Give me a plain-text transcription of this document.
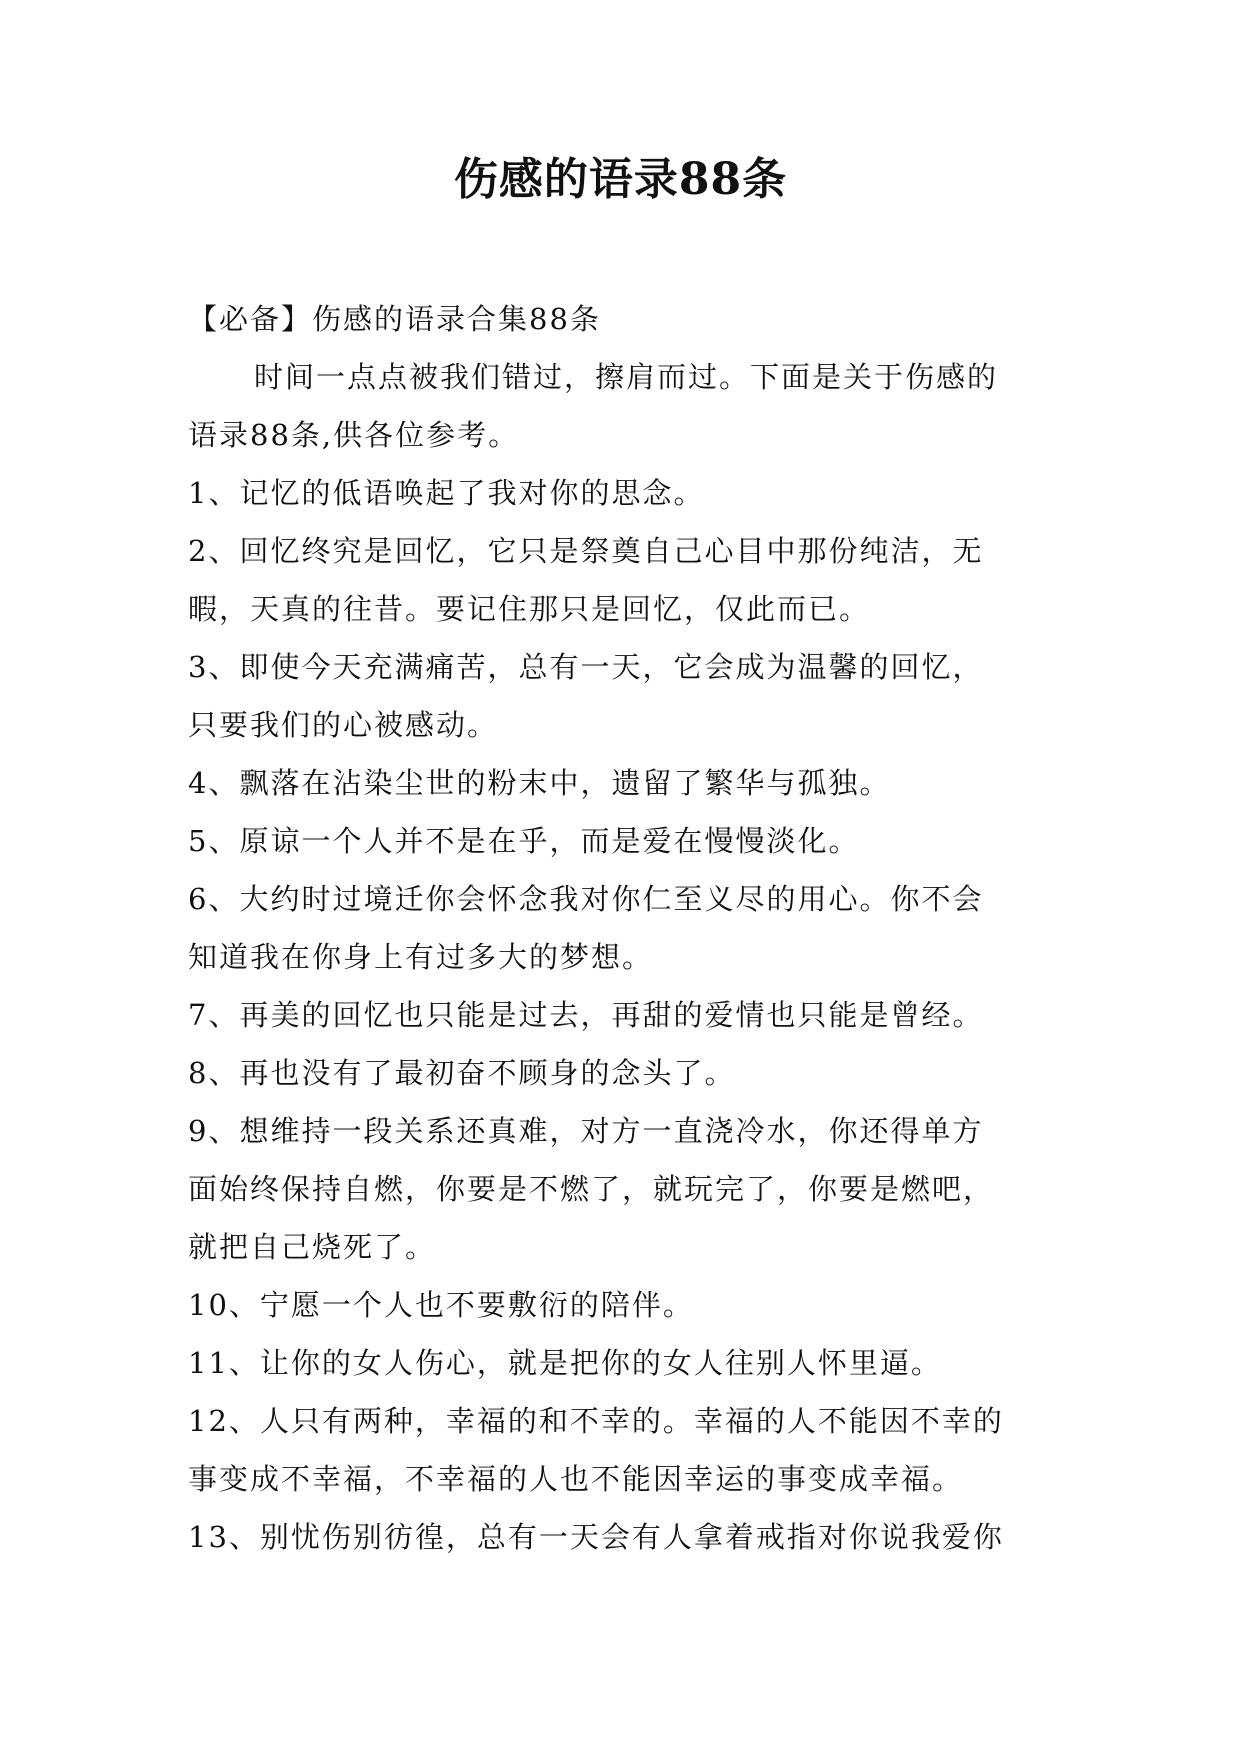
伤感的语录88条
【必备】伤感的语录合集88条
时间一点点被我们错过，擦肩而过。下面是关于伤感的
语录88条,供各位参考。
1、记忆的低语唤起了我对你的思念。
2、回忆终究是回忆，它只是祭奠自己心目中那份纯洁，无
暇，天真的往昔。要记住那只是回忆，仅此而已。
3、即使今天充满痛苦，总有一天，它会成为温馨的回忆，
只要我们的心被感动。
4、飘落在沾染尘世的粉末中，遗留了繁华与孤独。
5、原谅一个人并不是在乎，而是爱在慢慢淡化。
6、大约时过境迁你会怀念我对你仁至义尽的用心。你不会
知道我在你身上有过多大的梦想。
7、再美的回忆也只能是过去，再甜的爱情也只能是曾经。
8、再也没有了最初奋不顾身的念头了。
9、想维持一段关系还真难，对方一直浇冷水，你还得单方
面始终保持自燃，你要是不燃了，就玩完了，你要是燃吧，
就把自己烧死了。
10、宁愿一个人也不要敷衍的陪伴。
11、让你的女人伤心，就是把你的女人往别人怀里逼。
12、人只有两种，幸福的和不幸的。幸福的人不能因不幸的
事变成不幸福，不幸福的人也不能因幸运的事变成幸福。
13、别忧伤别彷徨，总有一天会有人拿着戒指对你说我爱你
